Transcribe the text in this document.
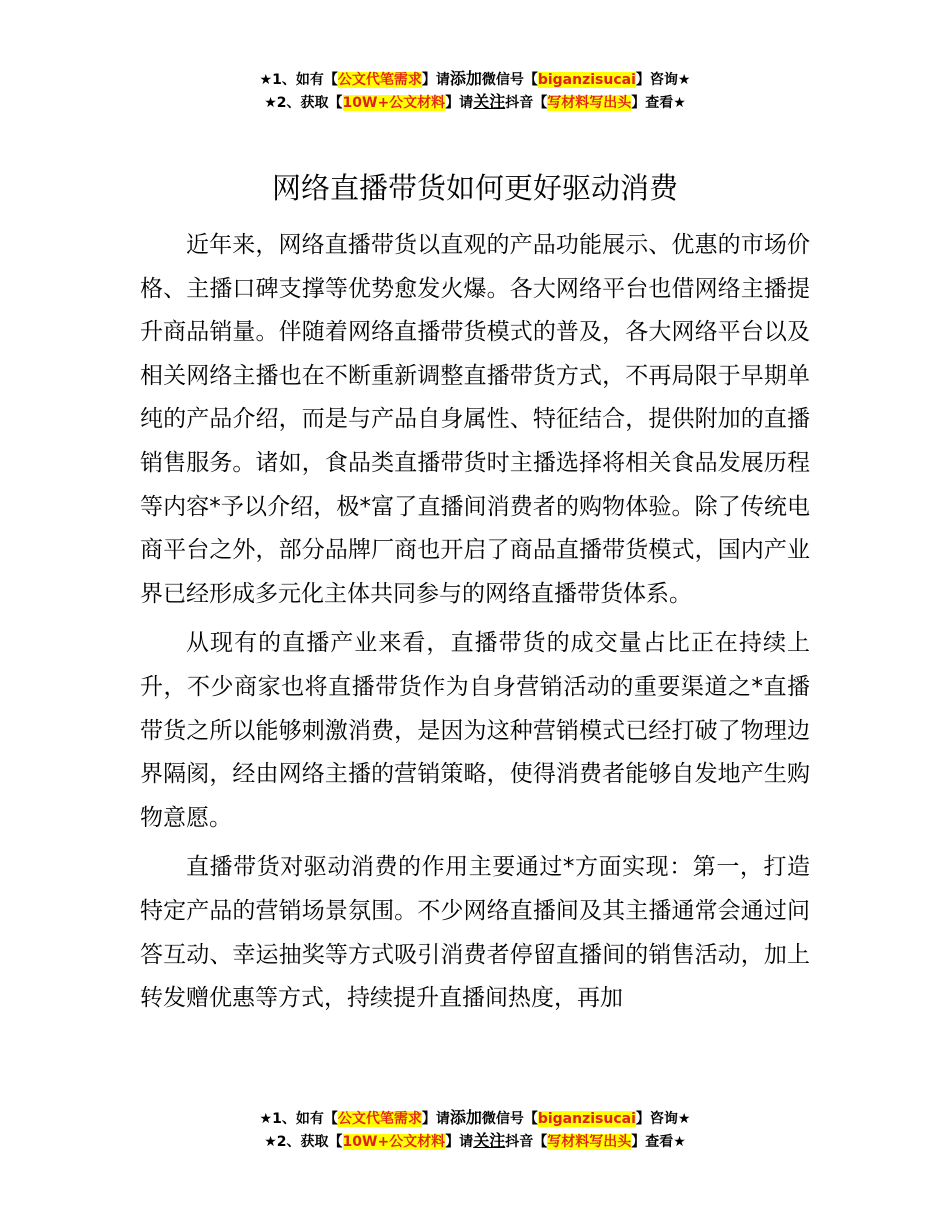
★1、如有【公文代笔需求】请添加微信号【biganzisucai】咨询★
★2、获取【10W+公文材料】请关注抖音【写材料写出头】查看★
网络直播带货如何更好驱动消费

近年来，网络直播带货以直观的产品功能展示、优惠的市场价格、主播口碑支撑等优势愈发火爆。各大网络平台也借网络主播提升商品销量。伴随着网络直播带货模式的普及，各大网络平台以及相关网络主播也在不断重新调整直播带货方式，不再局限于早期单纯的产品介绍，而是与产品自身属性、特征结合，提供附加的直播销售服务。诸如，食品类直播带货时主播选择将相关食品发展历程等内容*予以介绍，极*富了直播间消费者的购物体验。除了传统电商平台之外，部分品牌厂商也开启了商品直播带货模式，国内产业界已经形成多元化主体共同参与的网络直播带货体系。

从现有的直播产业来看，直播带货的成交量占比正在持续上升，不少商家也将直播带货作为自身营销活动的重要渠道之*直播带货之所以能够刺激消费，是因为这种营销模式已经打破了物理边界隔阂，经由网络主播的营销策略，使得消费者能够自发地产生购物意愿。

直播带货对驱动消费的作用主要通过*方面实现：第一，打造特定产品的营销场景氛围。不少网络直播间及其主播通常会通过问答互动、幸运抽奖等方式吸引消费者停留直播间的销售活动，加上转发赠优惠等方式，持续提升直播间热度，再加

★1、如有【公文代笔需求】请添加微信号【biganzisucai】咨询★
★2、获取【10W+公文材料】请关注抖音【写材料写出头】查看★
